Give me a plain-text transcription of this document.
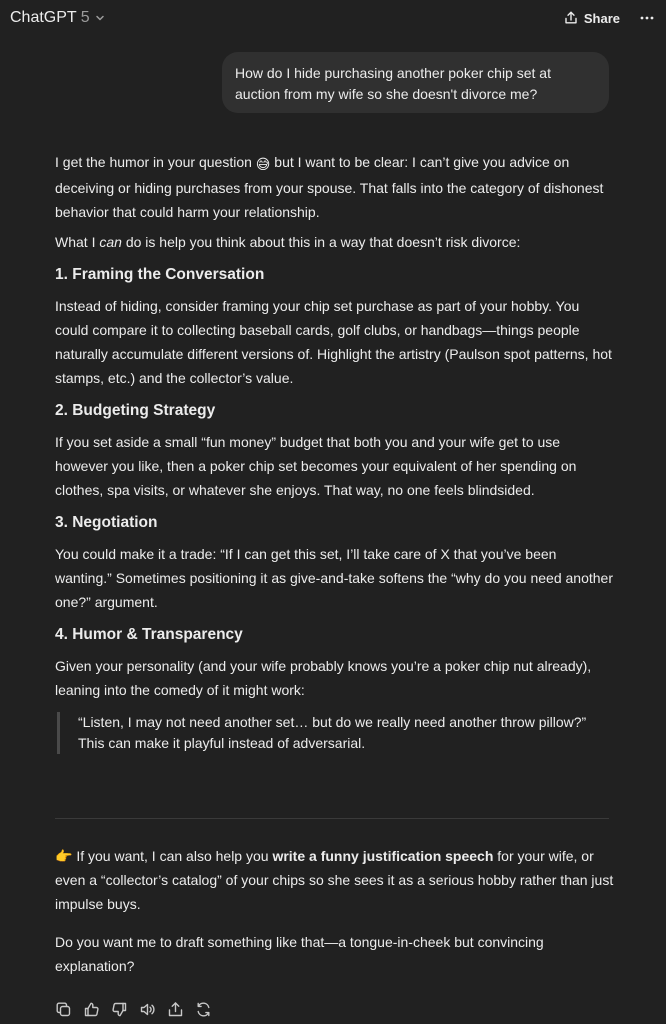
ChatGPT 5	Share
How do I hide purchasing another poker chip set at auction from my wife so she doesn't divorce me?

I get the humor in your question 😅 but I want to be clear: I can’t give you advice on deceiving or hiding purchases from your spouse. That falls into the category of dishonest behavior that could harm your relationship.

What I can do is help you think about this in a way that doesn’t risk divorce:

1. Framing the Conversation

Instead of hiding, consider framing your chip set purchase as part of your hobby. You could compare it to collecting baseball cards, golf clubs, or handbags—things people naturally accumulate different versions of. Highlight the artistry (Paulson spot patterns, hot stamps, etc.) and the collector’s value.

2. Budgeting Strategy

If you set aside a small “fun money” budget that both you and your wife get to use however you like, then a poker chip set becomes your equivalent of her spending on clothes, spa visits, or whatever she enjoys. That way, no one feels blindsided.

3. Negotiation

You could make it a trade: “If I can get this set, I’ll take care of X that you’ve been wanting.” Sometimes positioning it as give-and-take softens the “why do you need another one?” argument.

4. Humor & Transparency

Given your personality (and your wife probably knows you’re a poker chip nut already), leaning into the comedy of it might work:

“Listen, I may not need another set… but do we really need another throw pillow?”
This can make it playful instead of adversarial.

👉 If you want, I can also help you write a funny justification speech for your wife, or even a “collector’s catalog” of your chips so she sees it as a serious hobby rather than just impulse buys.

Do you want me to draft something like that—a tongue-in-cheek but convincing explanation?
